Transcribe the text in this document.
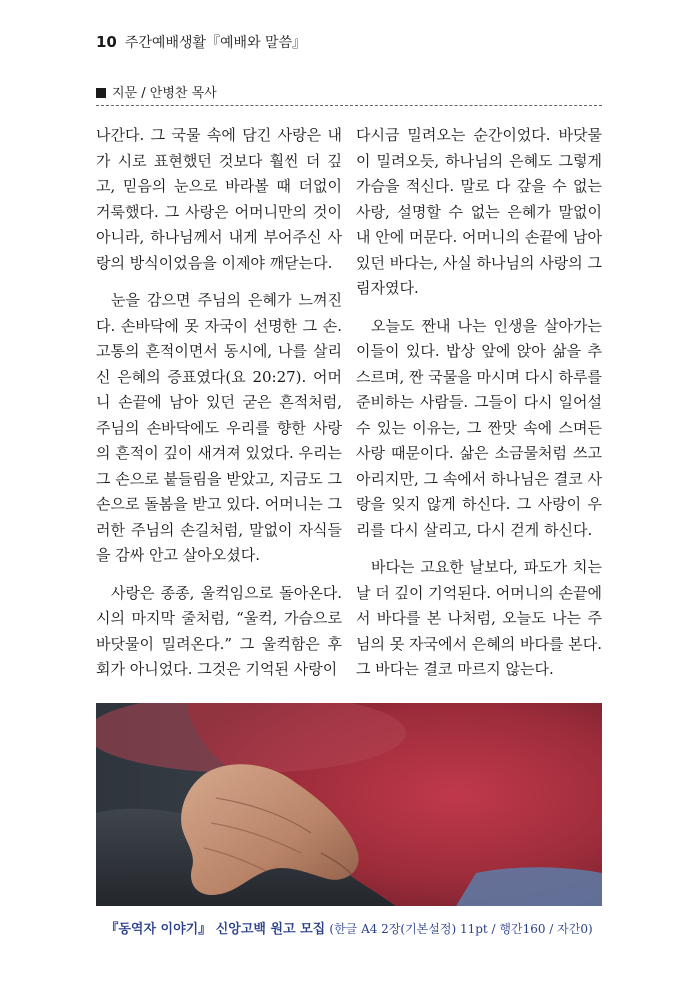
10 주간예배생활『예배와 말씀』
지문 / 안병찬 목사

나간다. 그 국물 속에 담긴 사랑은 내가 시로 표현했던 것보다 훨씬 더 깊고, 믿음의 눈으로 바라볼 때 더없이 거룩했다. 그 사랑은 어머니만의 것이 아니라, 하나님께서 내게 부어주신 사랑의 방식이었음을 이제야 깨닫는다.

눈을 감으면 주님의 은혜가 느껴진다. 손바닥에 못 자국이 선명한 그 손. 고통의 흔적이면서 동시에, 나를 살리신 은혜의 증표였다(요 20:27). 어머니 손끝에 남아 있던 굳은 흔적처럼, 주님의 손바닥에도 우리를 향한 사랑의 흔적이 깊이 새겨져 있었다. 우리는 그 손으로 붙들림을 받았고, 지금도 그 손으로 돌봄을 받고 있다. 어머니는 그러한 주님의 손길처럼, 말없이 자식들을 감싸 안고 살아오셨다.

사랑은 종종, 울컥임으로 돌아온다. 시의 마지막 줄처럼, “울컥, 가슴으로 바닷물이 밀려온다.” 그 울컥함은 후회가 아니었다. 그것은 기억된 사랑이

다시금 밀려오는 순간이었다. 바닷물이 밀려오듯, 하나님의 은혜도 그렇게 가슴을 적신다. 말로 다 갚을 수 없는 사랑, 설명할 수 없는 은혜가 말없이 내 안에 머문다. 어머니의 손끝에 남아 있던 바다는, 사실 하나님의 사랑의 그림자였다.

오늘도 짠내 나는 인생을 살아가는 이들이 있다. 밥상 앞에 앉아 삶을 추스르며, 짠 국물을 마시며 다시 하루를 준비하는 사람들. 그들이 다시 일어설 수 있는 이유는, 그 짠맛 속에 스며든 사랑 때문이다. 삶은 소금물처럼 쓰고 아리지만, 그 속에서 하나님은 결코 사랑을 잊지 않게 하신다. 그 사랑이 우리를 다시 살리고, 다시 걷게 하신다.

바다는 고요한 날보다, 파도가 치는 날 더 깊이 기억된다. 어머니의 손끝에서 바다를 본 나처럼, 오늘도 나는 주님의 못 자국에서 은혜의 바다를 본다. 그 바다는 결코 마르지 않는다.

『동역자 이야기』 신앙고백 원고 모집 (한글 A4 2장(기본설정) 11pt / 행간160 / 자간0)
